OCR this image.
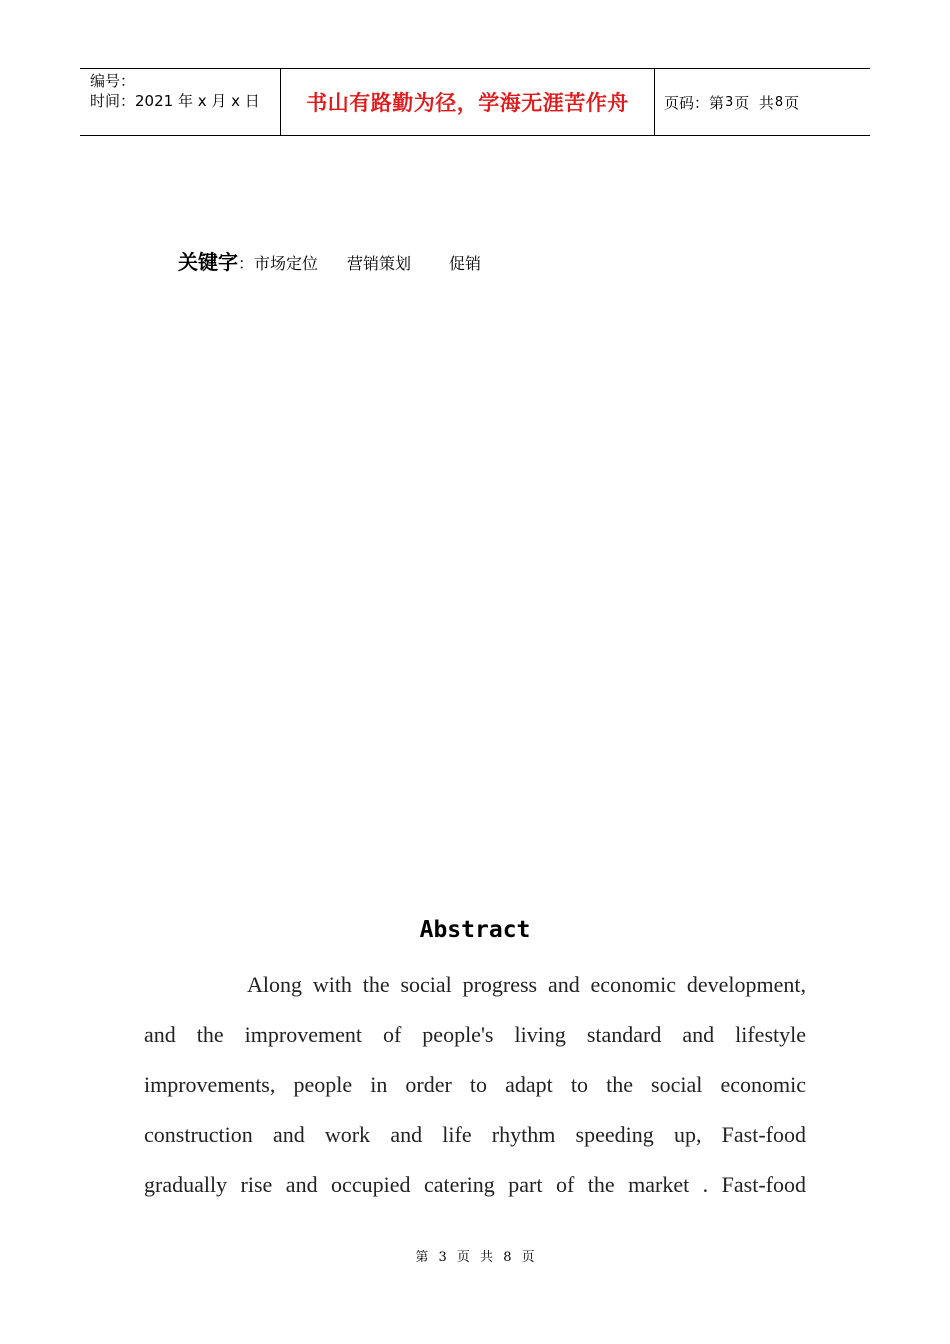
编号：
时间：2021 年 x 月 x 日	书山有路勤为径，学海无涯苦作舟	页码：第 3 页  共 8 页
关键字：市场定位 营销策划 促销
Abstract
Along with the social progress and economic development,
and the improvement of people's living standard and lifestyle
improvements, people in order to adapt to the social economic
construction and work and life rhythm speeding up, Fast-food
gradually rise and occupied catering part of the market . Fast-food
第 3 页 共 8 页
